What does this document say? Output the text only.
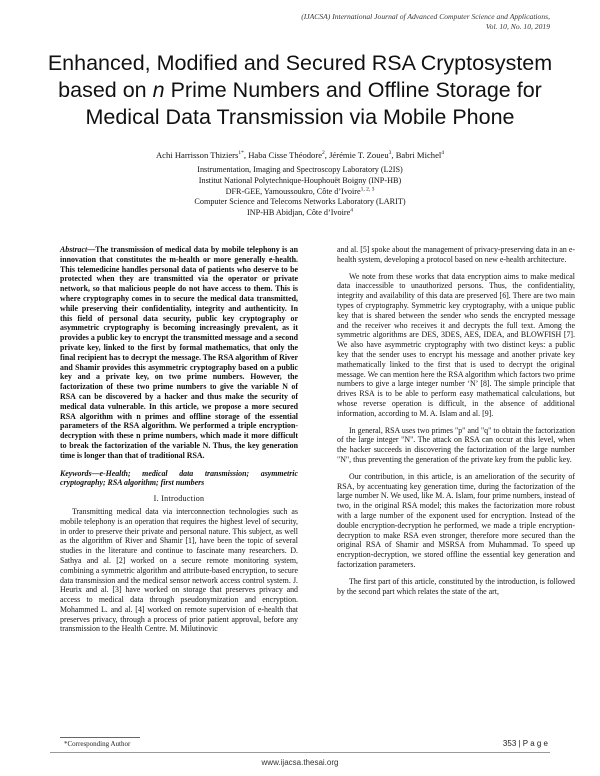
(IJACSA) International Journal of Advanced Computer Science and Applications,
Vol. 10, No. 10, 2019
Enhanced, Modified and Secured RSA Cryptosystem based on n Prime Numbers and Offline Storage for Medical Data Transmission via Mobile Phone
Achi Harrisson Thiziers$^{1*}$, Haba Cisse Théodore$^2$, Jérémie T. Zoueu$^3$, Babri Michel$^4$
Instrumentation, Imaging and Spectroscopy Laboratory (L2IS)
Institut National Polytechnique-Houphouët Boigny (INP-HB)
DFR-GEE, Yamoussoukro, Côte d’Ivoire$^{1, 2, 3}$
Computer Science and Telecoms Networks Laboratory (LARIT)
INP-HB Abidjan, Côte d’Ivoire$^4$
Abstract—The transmission of medical data by mobile telephony is an innovation that constitutes the m-health or more generally e-health. This telemedicine handles personal data of patients who deserve to be protected when they are transmitted via the operator or private network, so that malicious people do not have access to them. This is where cryptography comes in to secure the medical data transmitted, while preserving their confidentiality, integrity and authenticity. In this field of personal data security, public key cryptography or asymmetric cryptography is becoming increasingly prevalent, as it provides a public key to encrypt the transmitted message and a second private key, linked to the first by formal mathematics, that only the final recipient has to decrypt the message. The RSA algorithm of River and Shamir provides this asymmetric cryptography based on a public key and a private key, on two prime numbers. However, the factorization of these two prime numbers to give the variable N of RSA can be discovered by a hacker and thus make the security of medical data vulnerable. In this article, we propose a more secured RSA algorithm with n primes and offline storage of the essential parameters of the RSA algorithm. We performed a triple encryption-decryption with these n prime numbers, which made it more difficult to break the factorization of the variable N. Thus, the key generation time is longer than that of traditional RSA.
Keywords—e-Health; medical data transmission; asymmetric cryptography; RSA algorithm; first numbers
I. Introduction

Transmitting medical data via interconnection technologies such as mobile telephony is an operation that requires the highest level of security, in order to preserve their private and personal nature. This subject, as well as the algorithm of River and Shamir [1], have been the topic of several studies in the literature and continue to fascinate many researchers. D. Sathya and al. [2] worked on a secure remote monitoring system, combining a symmetric algorithm and attribute-based encryption, to secure data transmission and the medical sensor network access control system. J. Heurix and al. [3] have worked on storage that preserves privacy and access to medical data through pseudonymization and encryption. Mohammed L. and al. [4] worked on remote supervision of e-health that preserves privacy, through a process of prior patient approval, before any transmission to the Health Centre. M. Milutinovic

and al. [5] spoke about the management of privacy-preserving data in an e-health system, developing a protocol based on new e-health architecture.

We note from these works that data encryption aims to make medical data inaccessible to unauthorized persons. Thus, the confidentiality, integrity and availability of this data are preserved [6]. There are two main types of cryptography. Symmetric key cryptography, with a unique public key that is shared between the sender who sends the encrypted message and the receiver who receives it and decrypts the full text. Among the symmetric algorithms are DES, 3DES, AES, IDEA, and BLOWFISH [7]. We also have asymmetric cryptography with two distinct keys: a public key that the sender uses to encrypt his message and another private key mathematically linked to the first that is used to decrypt the original message. We can mention here the RSA algorithm which factors two prime numbers to give a large integer number ‘N’ [8]. The simple principle that drives RSA is to be able to perform easy mathematical calculations, but whose reverse operation is difficult, in the absence of additional information, according to M. A. Islam and al. [9].

In general, RSA uses two primes "p" and "q" to obtain the factorization of the large integer "N". The attack on RSA can occur at this level, when the hacker succeeds in discovering the factorization of the large number "N", thus preventing the generation of the private key from the public key.

Our contribution, in this article, is an amelioration of the security of RSA, by accentuating key generation time, during the factorization of the large number N. We used, like M. A. Islam, four prime numbers, instead of two, in the original RSA model; this makes the factorization more robust with a large number of the exponent used for encryption. Instead of the double encryption-decryption he performed, we made a triple encryption-decryption to make RSA even stronger, therefore more secured than the original RSA of Shamir and MSRSA from Muhammad. To speed up encryption-decryption, we stored offline the essential key generation and factorization parameters.

The first part of this article, constituted by the introduction, is followed by the second part which relates the state of the art,

*Corresponding Author	353 | P a g e
www.ijacsa.thesai.org
